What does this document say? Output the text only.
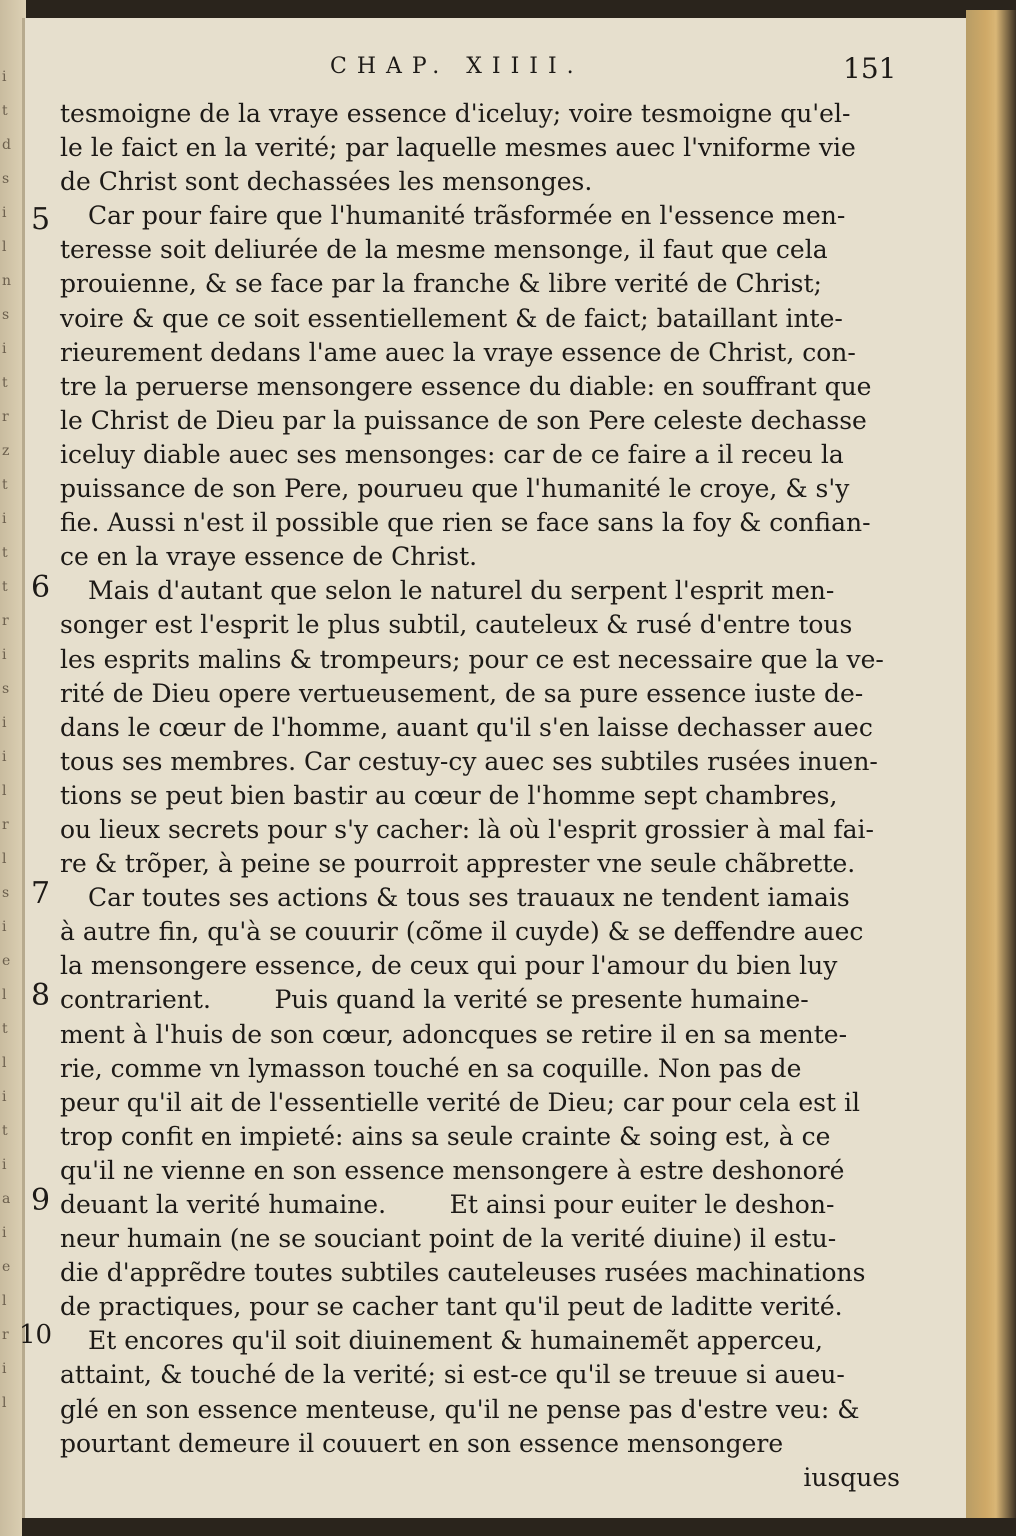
i
t
d
s
i
l
n
s
i
t
r
z
t
i
t
t
r
i
s
i
i
l
r
l
s
i
e
l
t
l
i
t
i
a
i
e
l
r
i
l
CHAP. XIIII.	151
5
6
7
8
9
10
tesmoigne de la vraye essence d'iceluy; voire tesmoigne qu'el-
le le faict en la verité; par laquelle mesmes auec l'vniforme vie
de Christ sont dechassées les mensonges.
Car pour faire que l'humanité trãsformée en l'essence men-
teresse soit deliurée de la mesme mensonge, il faut que cela
prouienne, & se face par la franche & libre verité de Christ;
voire & que ce soit essentiellement & de faict; bataillant inte-
rieurement dedans l'ame auec la vraye essence de Christ, con-
tre la peruerse mensongere essence du diable: en souffrant que
le Christ de Dieu par la puissance de son Pere celeste dechasse
iceluy diable auec ses mensonges: car de ce faire a il receu la
puissance de son Pere, pourueu que l'humanité le croye, & s'y
fie. Aussi n'est il possible que rien se face sans la foy & confian-
ce en la vraye essence de Christ.
Mais d'autant que selon le naturel du serpent l'esprit men-
songer est l'esprit le plus subtil, cauteleux & rusé d'entre tous
les esprits malins & trompeurs; pour ce est necessaire que la ve-
rité de Dieu opere vertueusement, de sa pure essence iuste de-
dans le cœur de l'homme, auant qu'il s'en laisse dechasser auec
tous ses membres. Car cestuy-cy auec ses subtiles rusées inuen-
tions se peut bien bastir au cœur de l'homme sept chambres,
ou lieux secrets pour s'y cacher: là où l'esprit grossier à mal fai-
re & trõper, à peine se pourroit apprester vne seule chãbrette.
Car toutes ses actions & tous ses trauaux ne tendent iamais
à autre fin, qu'à se couurir (cõme il cuyde) & se deffendre auec
la mensongere essence, de ceux qui pour l'amour du bien luy
contrarient.        Puis quand la verité se presente humaine-
ment à l'huis de son cœur, adoncques se retire il en sa mente-
rie, comme vn lymasson touché en sa coquille. Non pas de
peur qu'il ait de l'essentielle verité de Dieu; car pour cela est il
trop confit en impieté: ains sa seule crainte & soing est, à ce
qu'il ne vienne en son essence mensongere à estre deshonoré
deuant la verité humaine.        Et ainsi pour euiter le deshon-
neur humain (ne se souciant point de la verité diuine) il estu-
die d'apprẽdre toutes subtiles cauteleuses rusées machinations
de practiques, pour se cacher tant qu'il peut de laditte verité.
Et encores qu'il soit diuinement & humainemẽt apperceu,
attaint, & touché de la verité; si est-ce qu'il se treuue si aueu-
glé en son essence menteuse, qu'il ne pense pas d'estre veu: &
pourtant demeure il couuert en son essence mensongere
iusques
